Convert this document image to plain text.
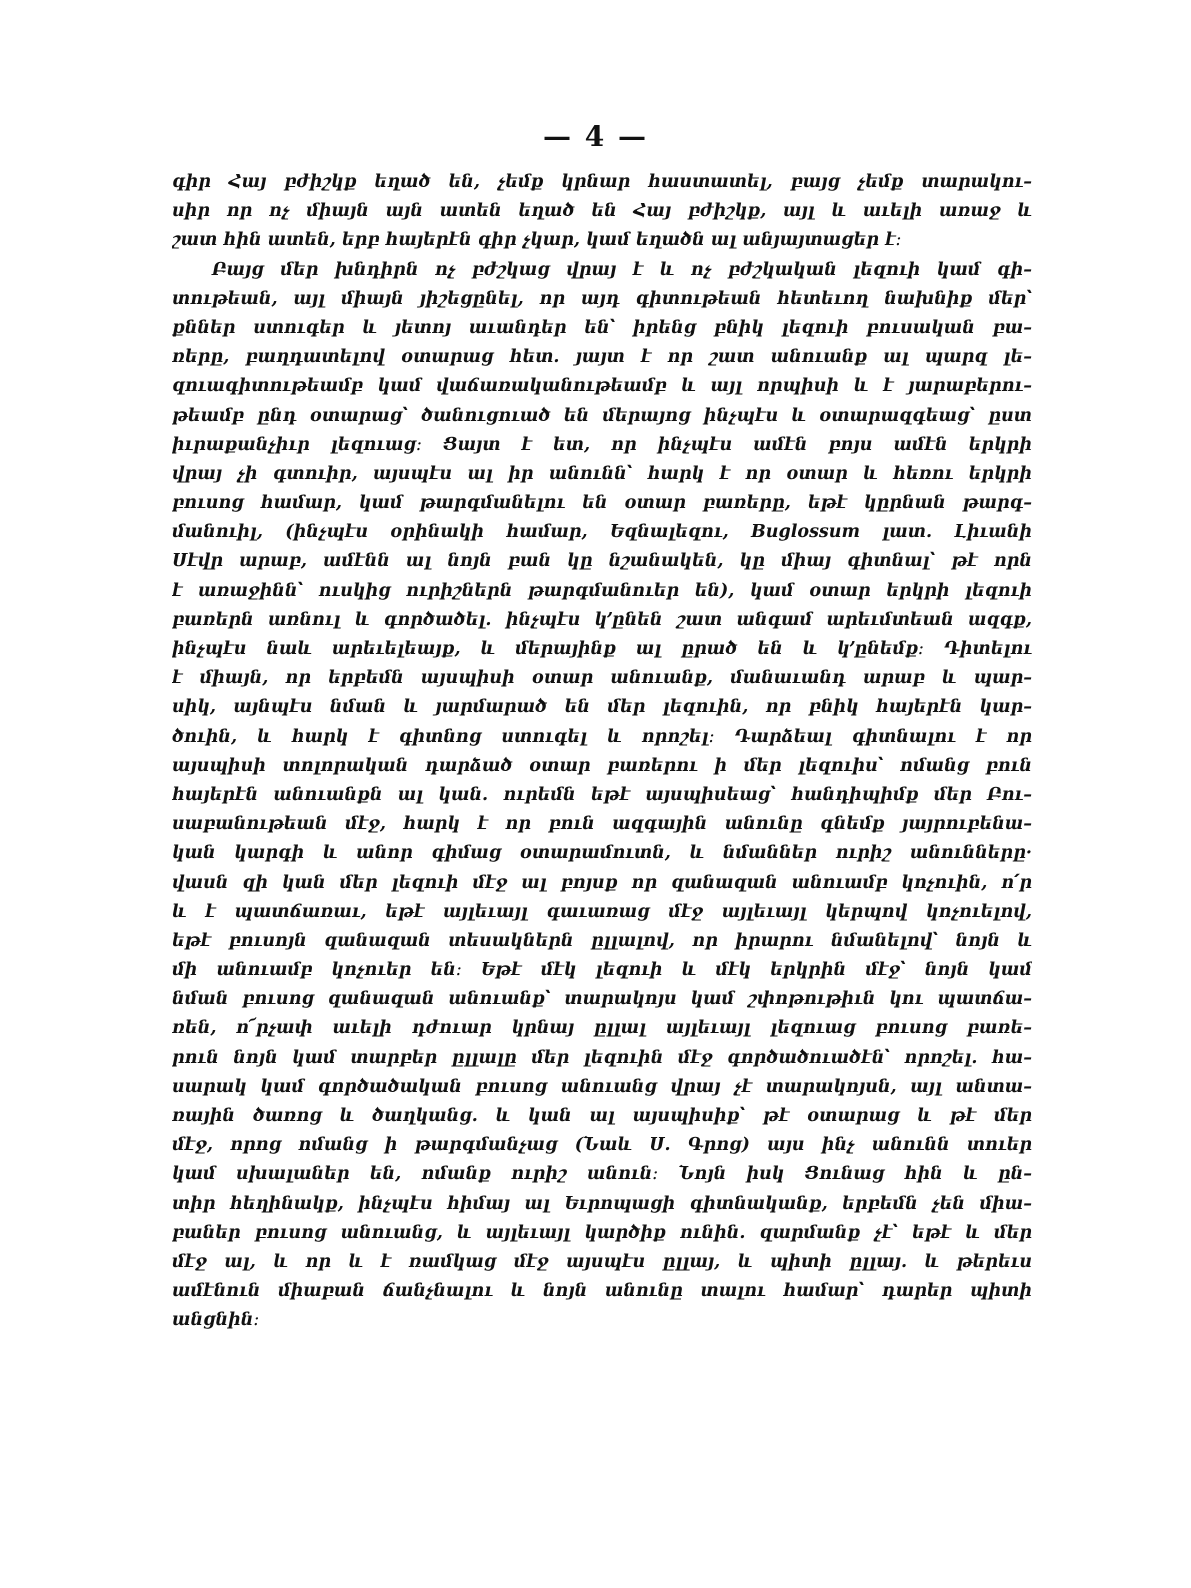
— 4 —
գիր Հայ բժիշկք եղած են, չեմք կրնար հաստատել, բայց չեմք տարակու–
սիր որ ոչ միայն այն ատեն եղած են Հայ բժիշկք, այլ և աւելի առաջ և
շատ հին ատեն, երբ հայերէն գիր չկար, կամ եղածն ալ անյայտացեր է։
Բայց մեր խնդիրն ոչ բժշկաց վրայ է և ոչ բժշկական լեզուի կամ գի–
տութեան, այլ միայն յիշեցընել, որ այդ գիտութեան հետեւող նախնիք մեր՝
քններ ստուգեր և յետոյ աւանդեր են՝ իրենց բնիկ լեզուի բուսական բա–
ռերը, բաղդատելով օտարաց հետ. յայտ է որ շատ անուանք ալ պարզ լե–
զուագիտութեամբ կամ վաճառականութեամբ և այլ որպիսի և է յարաբերու–
թեամբ ընդ օտարաց՝ ծանուցուած են մերայոց ինչպէս և օտարազգեաց՝ ըստ
իւրաքանչիւր լեզուաց։ Ցայտ է ետ, որ ինչպէս ամէն բոյս ամէն երկրի
վրայ չի գտուիր, այսպէս ալ իր անունն՝ հարկ է որ օտար և հեռու երկրի
բուսոց համար, կամ թարգմանելու են օտար բառերը, եթէ կըրնան թարգ–
մանուիլ, (ինչպէս օրինակի համար, Եզնալեզու, Buglossum լատ. Լիւանի
Սէվր արաբ, ամէնն ալ նոյն բան կը նշանակեն, կը միայ գիտնալ՝ թէ որն
է առաջինն՝ ուսկից ուրիշներն թարգմանուեր են), կամ օտար երկրի լեզուի
բառերն առնուլ և գործածել. ինչպէս կ՚ընեն շատ անգամ արեւմտեան ազգք,
ինչպէս նաև արեւելեայք, և մերայինք ալ ըրած են և կ՚ընեմք։ Դիտելու
է միայն, որ երբեմն այսպիսի օտար անուանք, մանաւանդ արաբ և պար–
սիկ, այնպէս նման և յարմարած են մեր լեզուին, որ բնիկ հայերէն կար–
ծուին, և հարկ է գիտնոց ստուգել և որոշել։ Դարձեալ գիտնալու է որ
այսպիսի տոլորական դարձած օտար բառերու ի մեր լեզուիս՝ ոմանց բուն
հայերէն անուանքն ալ կան. ուրեմն եթէ այսպիսեաց՝ հանդիպիմք մեր Բու–
սաբանութեան մէջ, հարկ է որ բուն ազգային անունը գնեմք յայրուբենա–
կան կարգի և անոր գիմաց օտարամուտն, և նմաններ ուրիշ անունները·
վասն զի կան մեր լեզուի մէջ ալ բոյսք որ զանազան անուամբ կոչուին, ո՛ր
և է պատճառաւ, եթէ այլեւայլ գաւառաց մէջ այլեւայլ կերպով կոչուելով,
եթէ բուսոյն զանազան տեսակներն ըլլալով, որ իրարու նմանելով՝ նոյն և
մի անուամբ կոչուեր են։ Եթէ մէկ լեզուի և մէկ երկրին մէջ՝ նոյն կամ
նման բուսոց զանազան անուանք՝ տարակոյս կամ շփոթութիւն կու պատճա–
ռեն, ո՜րչափ աւելի դժուար կրնայ ըլլալ այլեւայլ լեզուաց բուսոց բառե–
րուն նոյն կամ տարբեր ըլլալը մեր լեզուին մէջ գործածուածէն՝ որոշել. հա–
սարակ կամ գործածական բուսոց անուանց վրայ չէ տարակոյսն, այլ անտա–
ռային ծառոց և ծաղկանց. և կան ալ այսպիսիք՝ թէ օտարաց և թէ մեր
մէջ, որոց ոմանց ի թարգմանչաց (Նաև Ս. Գրոց) այս ինչ անունն տուեր
կամ սխալաներ են, ոմանք ուրիշ անուն։ Նոյն իսկ Ցունաց հին և ըն–
տիր հեղինակք, ինչպէս հիմայ ալ Եւրոպացի գիտնականք, երբեմն չեն միա–
բաներ բուսոց անուանց, և այլեւայլ կարծիք ունին. զարմանք չէ՝ եթէ և մեր
մէջ ալ, և որ և է ռամկաց մէջ այսպէս ըլլայ, և պիտի ըլլայ. և թերեւս
ամէնուն միաբան ճանչնալու և նոյն անունը տալու համար՝ դարեր պիտի
անցնին։
